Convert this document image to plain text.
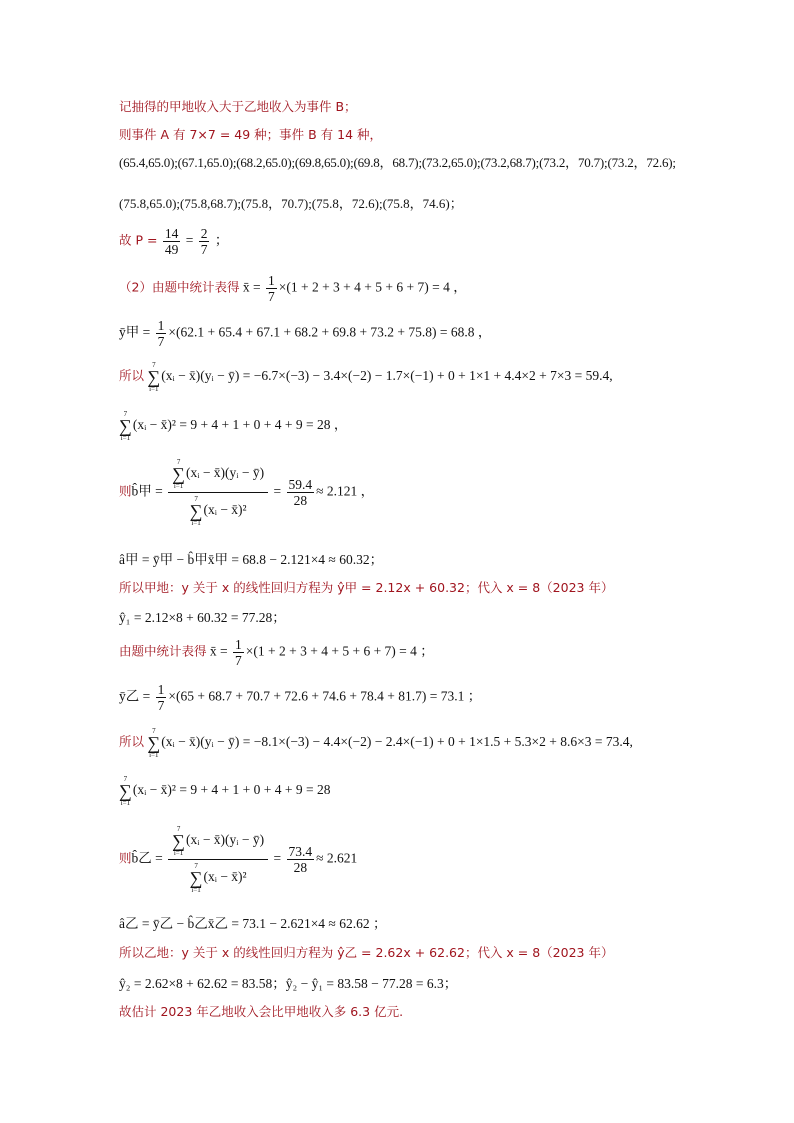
记抽得的甲地收入大于乙地收入为事件 B；
则事件 A 有 7×7 = 49 种；事件 B 有 14 种，
(65.4,65.0);(67.1,65.0);(68.2,65.0);(69.8,65.0);(69.8，68.7);(73.2,65.0);(73.2,68.7);(73.2，70.7);(73.2，72.6);
(75.8,65.0);(75.8,68.7);(75.8，70.7);(75.8，72.6);(75.8，74.6)；
故 $P = \frac{14}{49} = \frac{2}{7}$ ；
（2）由题中统计表得 x̄ = $\frac{1}{7} \times(1 + 2 + 3 + 4 + 5 + 6 + 7) = 4$ ，
ȳ甲 = $\frac{1}{7} \times(62.1 + 65.4 + 67.1 + 68.2 + 69.8 + 73.2 + 75.8) = 68.8$ ，
所以
7
∑
i=1
(xᵢ − x̄)(yᵢ − ȳ) = −6.7×(−3) − 3.4×(−2) − 1.7×(−1) + 0 + 1×1 + 4.4×2 + 7×3 = 59.4,
7
∑
i=1
(xᵢ − x̄)² = 9 + 4 + 1 + 0 + 4 + 9 = 28 ，
则b̂甲 = 7
∑
i=1
(xᵢ − x̄)(yᵢ − ȳ)
7
∑
i=1
(xᵢ − x̄)² = $\frac{59.4}{28} \approx 2.121$ ，
â甲 = ȳ甲 − b̂甲x̄甲 = 68.8 − 2.121×4 ≈ 60.32；
所以甲地：y 关于 x 的线性回归方程为 ŷ甲 = 2.12x + 60.32；代入 x = 8（2023 年）
ŷ₁ = 2.12×8 + 60.32 = 77.28；
由题中统计表得 x̄ = $\frac{1}{7} \times(1 + 2 + 3 + 4 + 5 + 6 + 7) = 4$ ；
ȳ乙 = $\frac{1}{7} \times(65 + 68.7 + 70.7 + 72.6 + 74.6 + 78.4 + 81.7) = 73.1$ ；
所以
7
∑
i=1
(xᵢ − x̄)(yᵢ − ȳ) = −8.1×(−3) − 4.4×(−2) − 2.4×(−1) + 0 + 1×1.5 + 5.3×2 + 8.6×3 = 73.4,
7
∑
i=1
(xᵢ − x̄)² = 9 + 4 + 1 + 0 + 4 + 9 = 28
则b̂乙 = 7
∑
i=1
(xᵢ − x̄)(yᵢ − ȳ)
7
∑
i=1
(xᵢ − x̄)² = $\frac{73.4}{28} \approx 2.621$
â乙 = ȳ乙 − b̂乙x̄乙 = 73.1 − 2.621×4 ≈ 62.62 ；
所以乙地：y 关于 x 的线性回归方程为 ŷ乙 = 2.62x + 62.62；代入 x = 8（2023 年）
ŷ₂ = 2.62×8 + 62.62 = 83.58；ŷ₂ − ŷ₁ = 83.58 − 77.28 = 6.3；
故估计 2023 年乙地收入会比甲地收入多 6.3 亿元.
